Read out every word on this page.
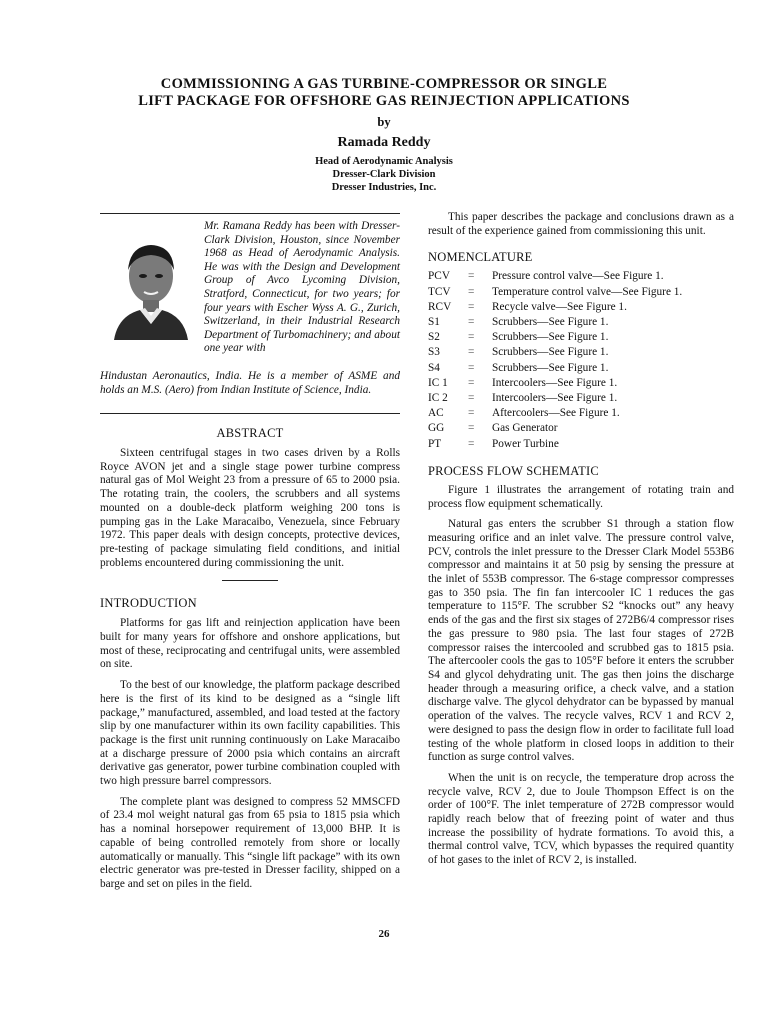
COMMISSIONING A GAS TURBINE-COMPRESSOR OR SINGLE
LIFT PACKAGE FOR OFFSHORE GAS REINJECTION APPLICATIONS
by
Ramada Reddy
Head of Aerodynamic Analysis
Dresser-Clark Division
Dresser Industries, Inc.

Mr. Ramana Reddy has been with Dresser-Clark Division, Houston, since November 1968 as Head of Aerodynamic Analysis. He was with the Design and Development Group of Avco Lycoming Division, Stratford, Connecticut, for two years; for four years with Escher Wyss A. G., Zurich, Switzerland, in their Industrial Research Department of Turbomachinery; and about one year with

Hindustan Aeronautics, India. He is a member of ASME and holds an M.S. (Aero) from Indian Institute of Science, India.

ABSTRACT

Sixteen centrifugal stages in two cases driven by a Rolls Royce AVON jet and a single stage power turbine compress natural gas of Mol Weight 23 from a pressure of 65 to 2000 psia. The rotating train, the coolers, the scrubbers and all systems mounted on a double-deck platform weighing 200 tons is pumping gas in the Lake Maracaibo, Venezuela, since February 1972. This paper deals with design concepts, protective devices, pre-testing of package simulating field conditions, and initial problems encountered during commissioning the unit.

INTRODUCTION

Platforms for gas lift and reinjection application have been built for many years for offshore and onshore applications, but most of these, reciprocating and centrifugal units, were assembled on site.

To the best of our knowledge, the platform package described here is the first of its kind to be designed as a “single lift package,” manufactured, assembled, and load tested at the factory slip by one manufacturer within its own facility capabilities. This package is the first unit running continuously on Lake Maracaibo at a discharge pressure of 2000 psia which contains an aircraft derivative gas generator, power turbine combination coupled with two high pressure barrel compressors.

The complete plant was designed to compress 52 MMSCFD of 23.4 mol weight natural gas from 65 psia to 1815 psia which has a nominal horsepower requirement of 13,000 BHP. It is capable of being controlled remotely from shore or locally automatically or manually. This “single lift package” with its own electric generator was pre-tested in Dresser facility, shipped on a barge and set on piles in the field.

This paper describes the package and conclusions drawn as a result of the experience gained from commissioning this unit.

NOMENCLATURE

PCV	=	Pressure control valve—See Figure 1.
TCV	=	Temperature control valve—See Figure 1.
RCV	=	Recycle valve—See Figure 1.
S1	=	Scrubbers—See Figure 1.
S2	=	Scrubbers—See Figure 1.
S3	=	Scrubbers—See Figure 1.
S4	=	Scrubbers—See Figure 1.
IC 1	=	Intercoolers—See Figure 1.
IC 2	=	Intercoolers—See Figure 1.
AC	=	Aftercoolers—See Figure 1.
GG	=	Gas Generator
PT	=	Power Turbine

PROCESS FLOW SCHEMATIC

Figure 1 illustrates the arrangement of rotating train and process flow equipment schematically.

Natural gas enters the scrubber S1 through a station flow measuring orifice and an inlet valve. The pressure control valve, PCV, controls the inlet pressure to the Dresser Clark Model 553B6 compressor and maintains it at 50 psig by sensing the pressure at the inlet of 553B compressor. The 6-stage compressor compresses gas to 350 psia. The fin fan intercooler IC 1 reduces the gas temperature to 115°F. The scrubber S2 “knocks out” any heavy ends of the gas and the first six stages of 272B6/4 compressor rises the gas pressure to 980 psia. The last four stages of 272B compressor raises the intercooled and scrubbed gas to 1815 psia. The aftercooler cools the gas to 105°F before it enters the scrubber S4 and glycol dehydrating unit. The gas then joins the discharge header through a measuring orifice, a check valve, and a station discharge valve. The glycol dehydrator can be bypassed by manual operation of the valves. The recycle valves, RCV 1 and RCV 2, were designed to pass the design flow in order to facilitate full load testing of the whole platform in closed loops in addition to their function as surge control valves.

When the unit is on recycle, the temperature drop across the recycle valve, RCV 2, due to Joule Thompson Effect is on the order of 100°F. The inlet temperature of 272B compressor would rapidly reach below that of freezing point of water and thus increase the possibility of hydrate formations. To avoid this, a thermal control valve, TCV, which bypasses the required quantity of hot gases to the inlet of RCV 2, is installed.

26
